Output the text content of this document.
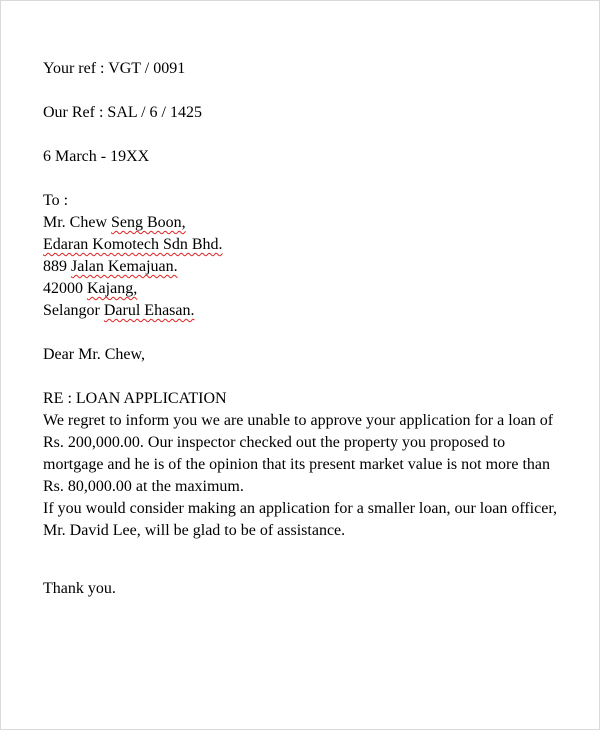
Your ref : VGT / 0091
Our Ref : SAL / 6 / 1425
6 March - 19XX
To :
Mr. Chew Seng Boon,
Edaran Komotech Sdn Bhd.
889 Jalan Kemajuan.
42000 Kajang,
Selangor Darul Ehasan.
Dear Mr. Chew,
RE : LOAN APPLICATION

We regret to inform you we are unable to approve your application for a loan of Rs. 200,000.00. Our inspector checked out the property you proposed to mortgage and he is of the opinion that its present market value is not more than Rs. 80,000.00 at the maximum.

If you would consider making an application for a smaller loan, our loan officer, Mr. David Lee, will be glad to be of assistance.

Thank you.
